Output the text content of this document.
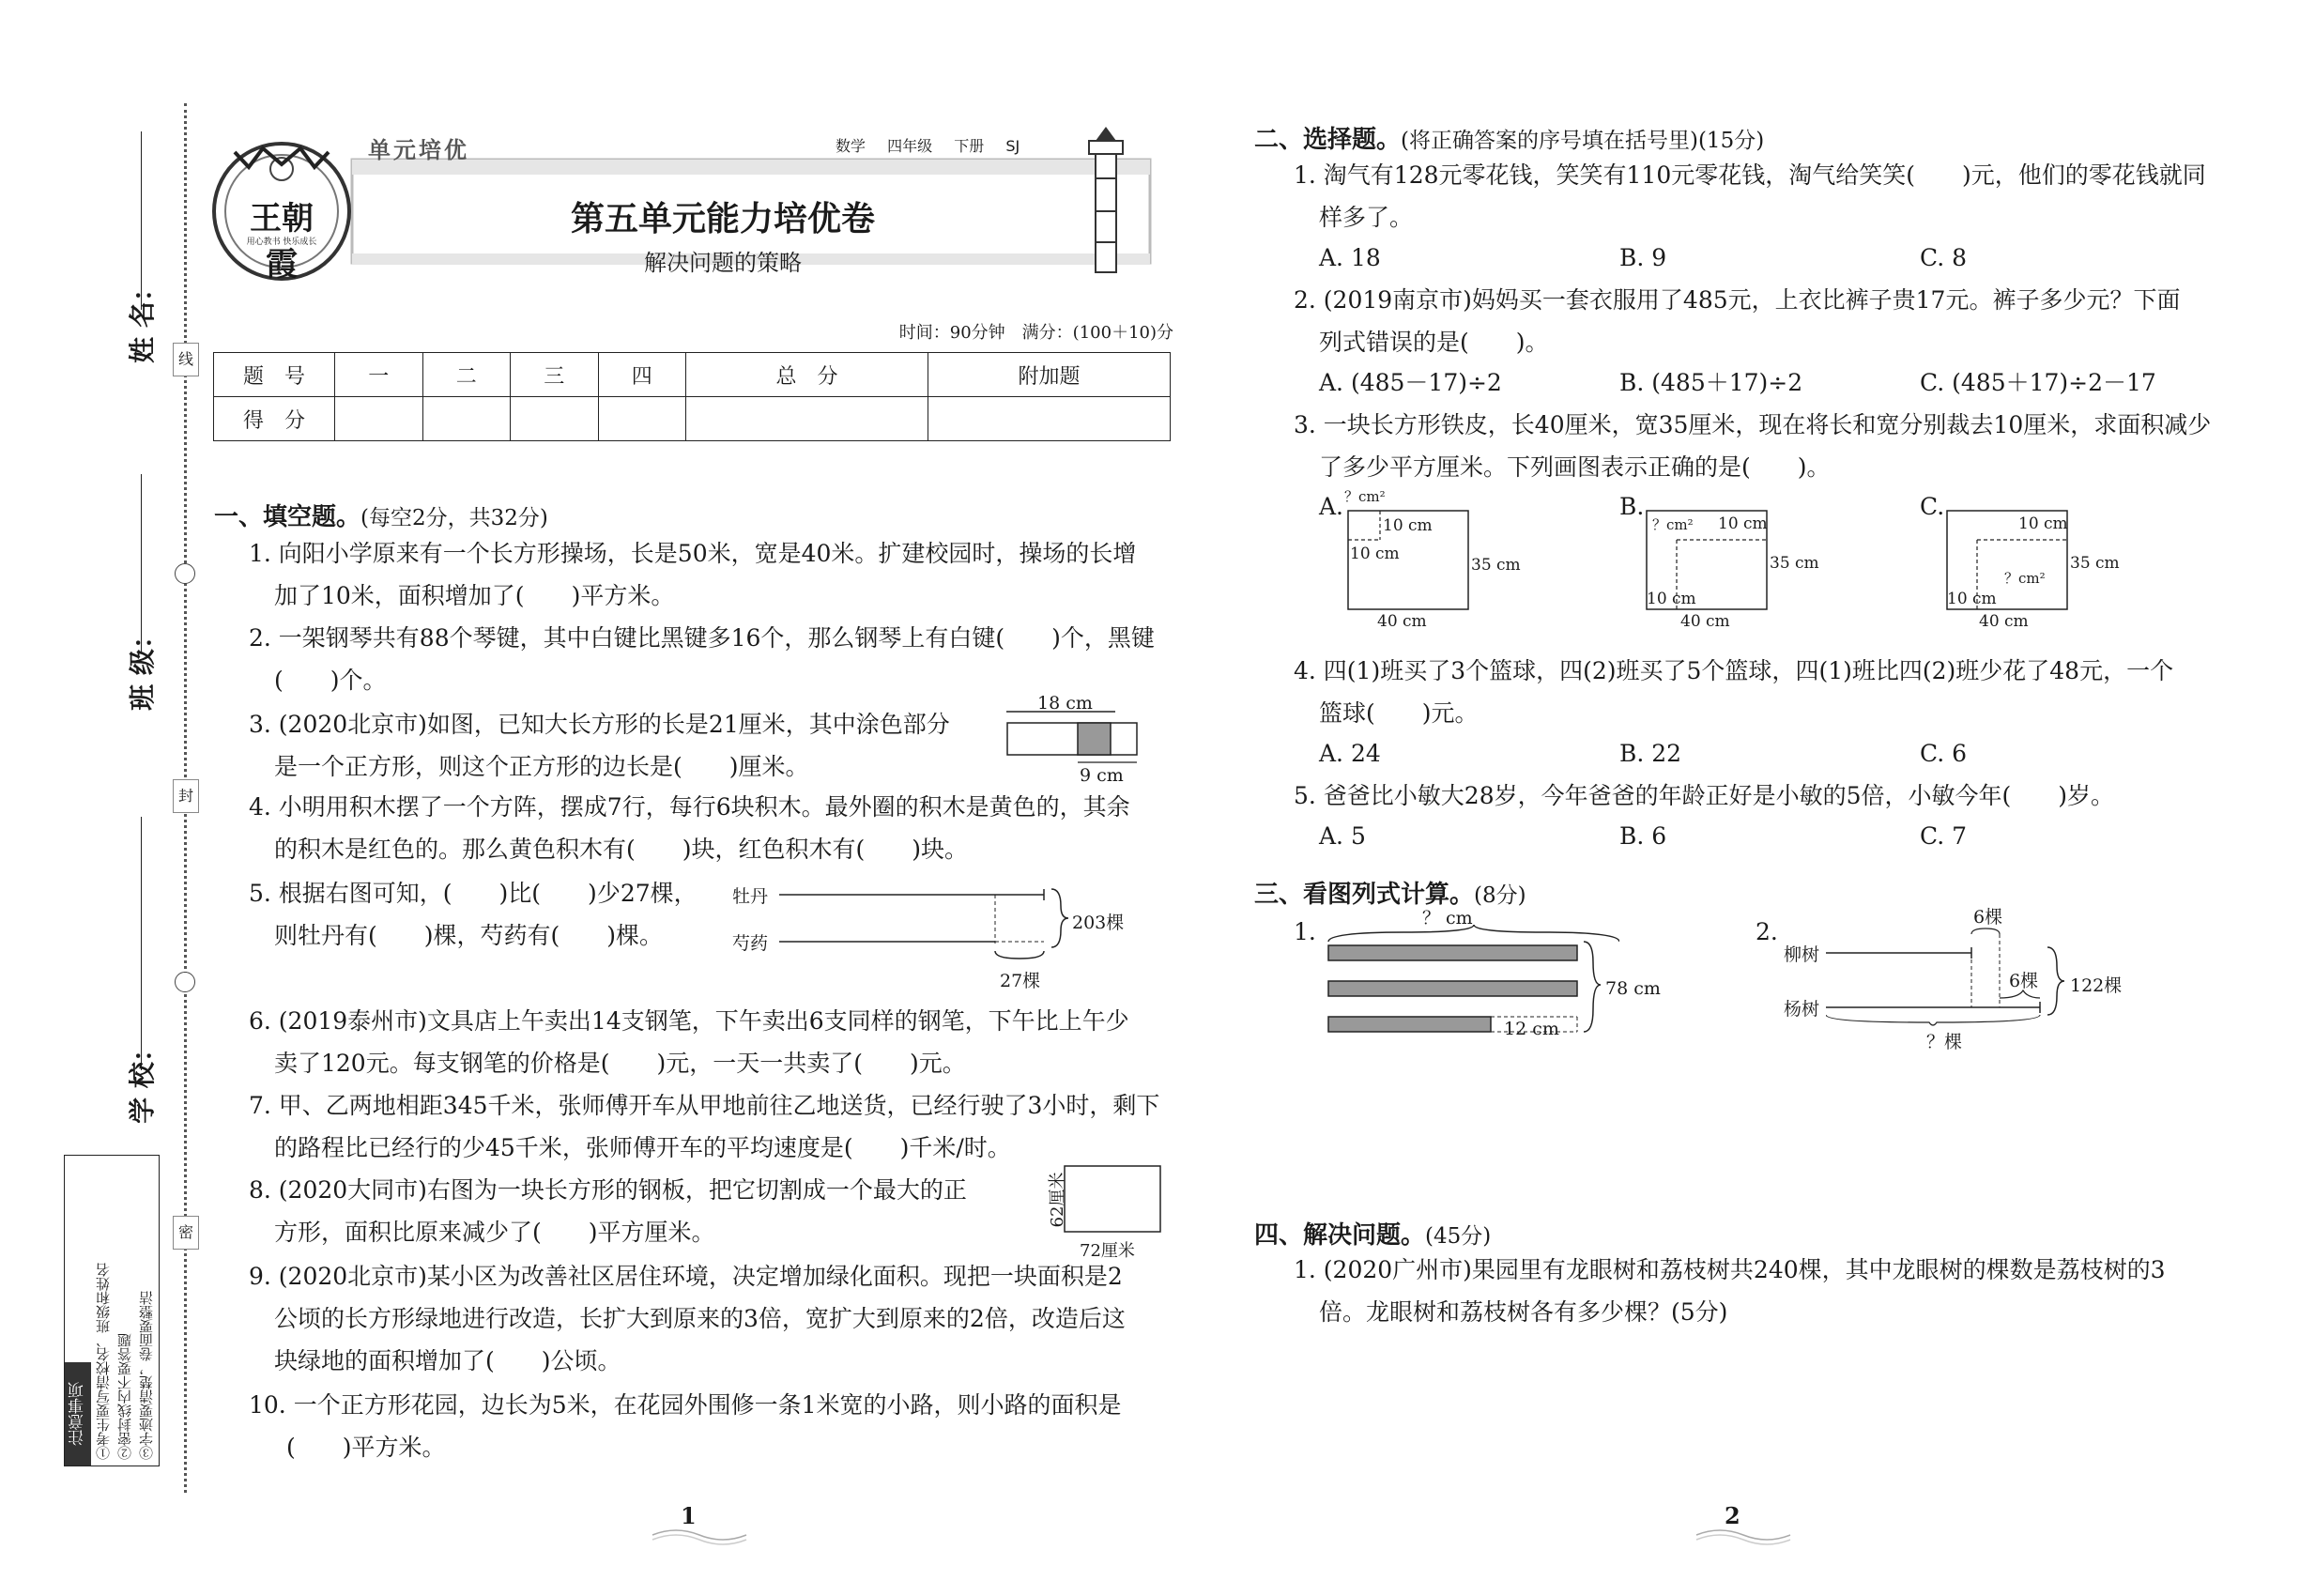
线
封
密
姓 名：
班 级：
学 校：
注意事项 ①考生要写清校名、班级和姓名 ②密封线内不要答题 ③字迹要清楚，卷面要整洁
王朝霞
用心教书 快乐成长
单元培优	数学 四年级 下册 SJ
第五单元能力培优卷
解决问题的策略
时间：90分钟　满分：(100＋10)分
题　号	一	二	三	四	总　分	附加题
得　分						
一、填空题。(每空2分，共32分)
1. 向阳小学原来有一个长方形操场，长是50米，宽是40米。扩建校园时，操场的长增
加了10米，面积增加了(　　)平方米。
2. 一架钢琴共有88个琴键，其中白键比黑键多16个，那么钢琴上有白键(　　)个，黑键
(　　)个。
3. (2020北京市)如图，已知大长方形的长是21厘米，其中涂色部分
是一个正方形，则这个正方形的边长是(　　)厘米。
18 cm
9 cm
4. 小明用积木摆了一个方阵，摆成7行，每行6块积木。最外圈的积木是黄色的，其余
的积木是红色的。那么黄色积木有(　　)块，红色积木有(　　)块。
5. 根据右图可知，(　　)比(　　)少27棵，
则牡丹有(　　)棵，芍药有(　　)棵。
牡丹
芍药
203棵
27棵
6. (2019泰州市)文具店上午卖出14支钢笔，下午卖出6支同样的钢笔，下午比上午少
卖了120元。每支钢笔的价格是(　　)元，一天一共卖了(　　)元。
7. 甲、乙两地相距345千米，张师傅开车从甲地前往乙地送货，已经行驶了3小时，剩下
的路程比已经行的少45千米，张师傅开车的平均速度是(　　)千米/时。
8. (2020大同市)右图为一块长方形的钢板，把它切割成一个最大的正
方形，面积比原来减少了(　　)平方厘米。
62厘米
72厘米
9. (2020北京市)某小区为改善社区居住环境，决定增加绿化面积。现把一块面积是2
公顷的长方形绿地进行改造，长扩大到原来的3倍，宽扩大到原来的2倍，改造后这
块绿地的面积增加了(　　)公顷。
10. 一个正方形花园，边长为5米，在花园外围修一条1米宽的小路，则小路的面积是
(　　)平方米。
1
二、选择题。(将正确答案的序号填在括号里)(15分)
1. 淘气有128元零花钱，笑笑有110元零花钱，淘气给笑笑(　　)元，他们的零花钱就同
样多了。
A. 18	B. 9	C. 8
2. (2019南京市)妈妈买一套衣服用了485元，上衣比裤子贵17元。裤子多少元？下面
列式错误的是(　　)。
A. (485－17)÷2	B. (485＋17)÷2	C. (485＋17)÷2－17
3. 一块长方形铁皮，长40厘米，宽35厘米，现在将长和宽分别裁去10厘米，求面积减少
了多少平方厘米。下列画图表示正确的是(　　)。
A. ？cm²
10 cm
10 cm
35 cm
40 cm
B.
？cm² 10 cm
10 cm
35 cm
40 cm
C.
10 cm
？cm²
10 cm
35 cm
40 cm
4. 四(1)班买了3个篮球，四(2)班买了5个篮球，四(1)班比四(2)班少花了48元，一个
篮球(　　)元。
A. 24	B. 22	C. 6
5. 爸爸比小敏大28岁，今年爸爸的年龄正好是小敏的5倍，小敏今年(　　)岁。
A. 5	B. 6	C. 7
三、看图列式计算。(8分)
1.	？ cm
78 cm
12 cm
2.
柳树
杨树
6棵
6棵 122棵
？棵
四、解决问题。(45分)
1. (2020广州市)果园里有龙眼树和荔枝树共240棵，其中龙眼树的棵数是荔枝树的3
倍。龙眼树和荔枝树各有多少棵？(5分)
2
